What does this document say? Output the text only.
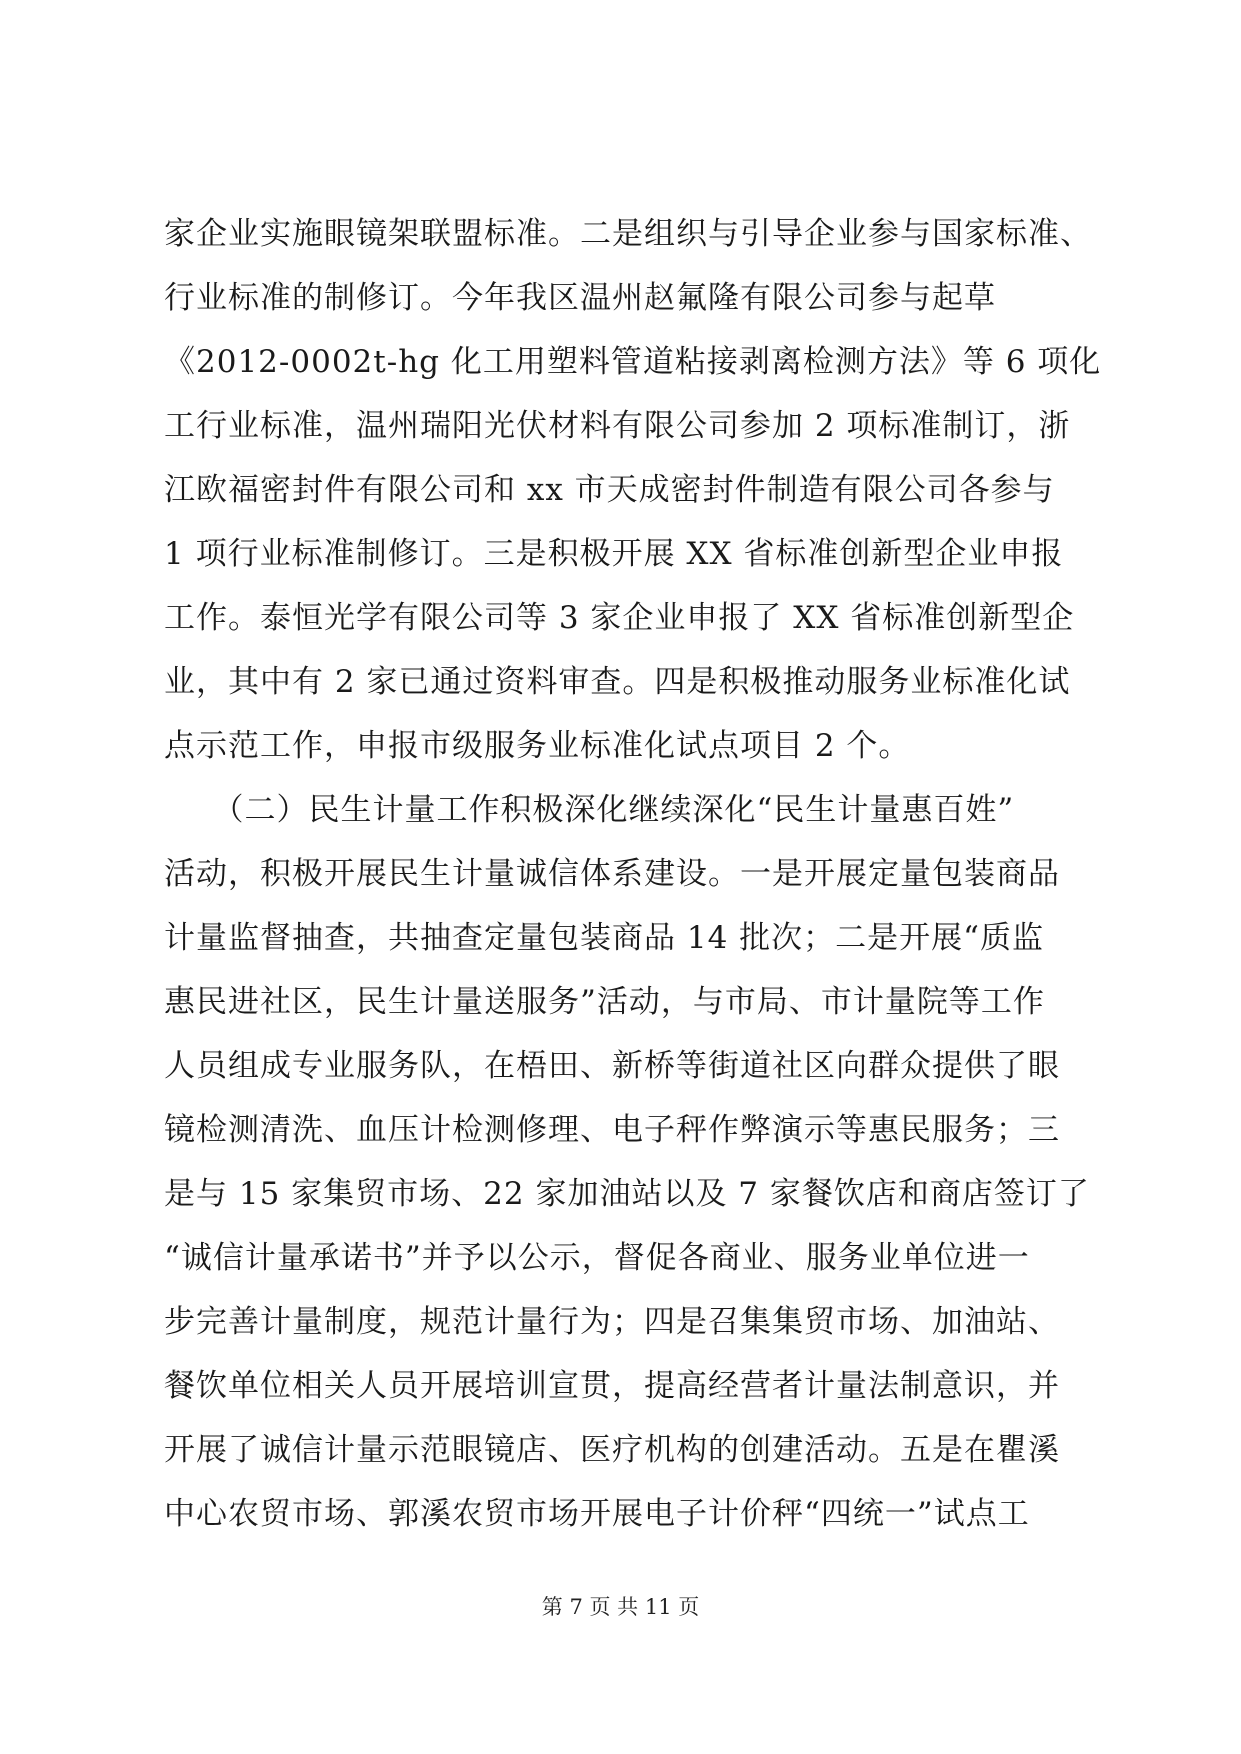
家企业实施眼镜架联盟标准。二是组织与引导企业参与国家标准、
行业标准的制修订。今年我区温州赵氟隆有限公司参与起草
《2012-0002t-hg 化工用塑料管道粘接剥离检测方法》等 6 项化
工行业标准，温州瑞阳光伏材料有限公司参加 2 项标准制订，浙
江欧福密封件有限公司和 xx 市天成密封件制造有限公司各参与
1 项行业标准制修订。三是积极开展 XX 省标准创新型企业申报
工作。泰恒光学有限公司等 3 家企业申报了 XX 省标准创新型企
业，其中有 2 家已通过资料审查。四是积极推动服务业标准化试
点示范工作，申报市级服务业标准化试点项目 2 个。
　　（二）民生计量工作积极深化继续深化“民生计量惠百姓”
活动，积极开展民生计量诚信体系建设。一是开展定量包装商品
计量监督抽查，共抽查定量包装商品 14 批次；二是开展“质监
惠民进社区，民生计量送服务”活动，与市局、市计量院等工作
人员组成专业服务队，在梧田、新桥等街道社区向群众提供了眼
镜检测清洗、血压计检测修理、电子秤作弊演示等惠民服务；三
是与 15 家集贸市场、22 家加油站以及 7 家餐饮店和商店签订了
“诚信计量承诺书”并予以公示，督促各商业、服务业单位进一
步完善计量制度，规范计量行为；四是召集集贸市场、加油站、
餐饮单位相关人员开展培训宣贯，提高经营者计量法制意识，并
开展了诚信计量示范眼镜店、医疗机构的创建活动。五是在瞿溪
中心农贸市场、郭溪农贸市场开展电子计价秤“四统一”试点工
第 7 页 共 11 页
